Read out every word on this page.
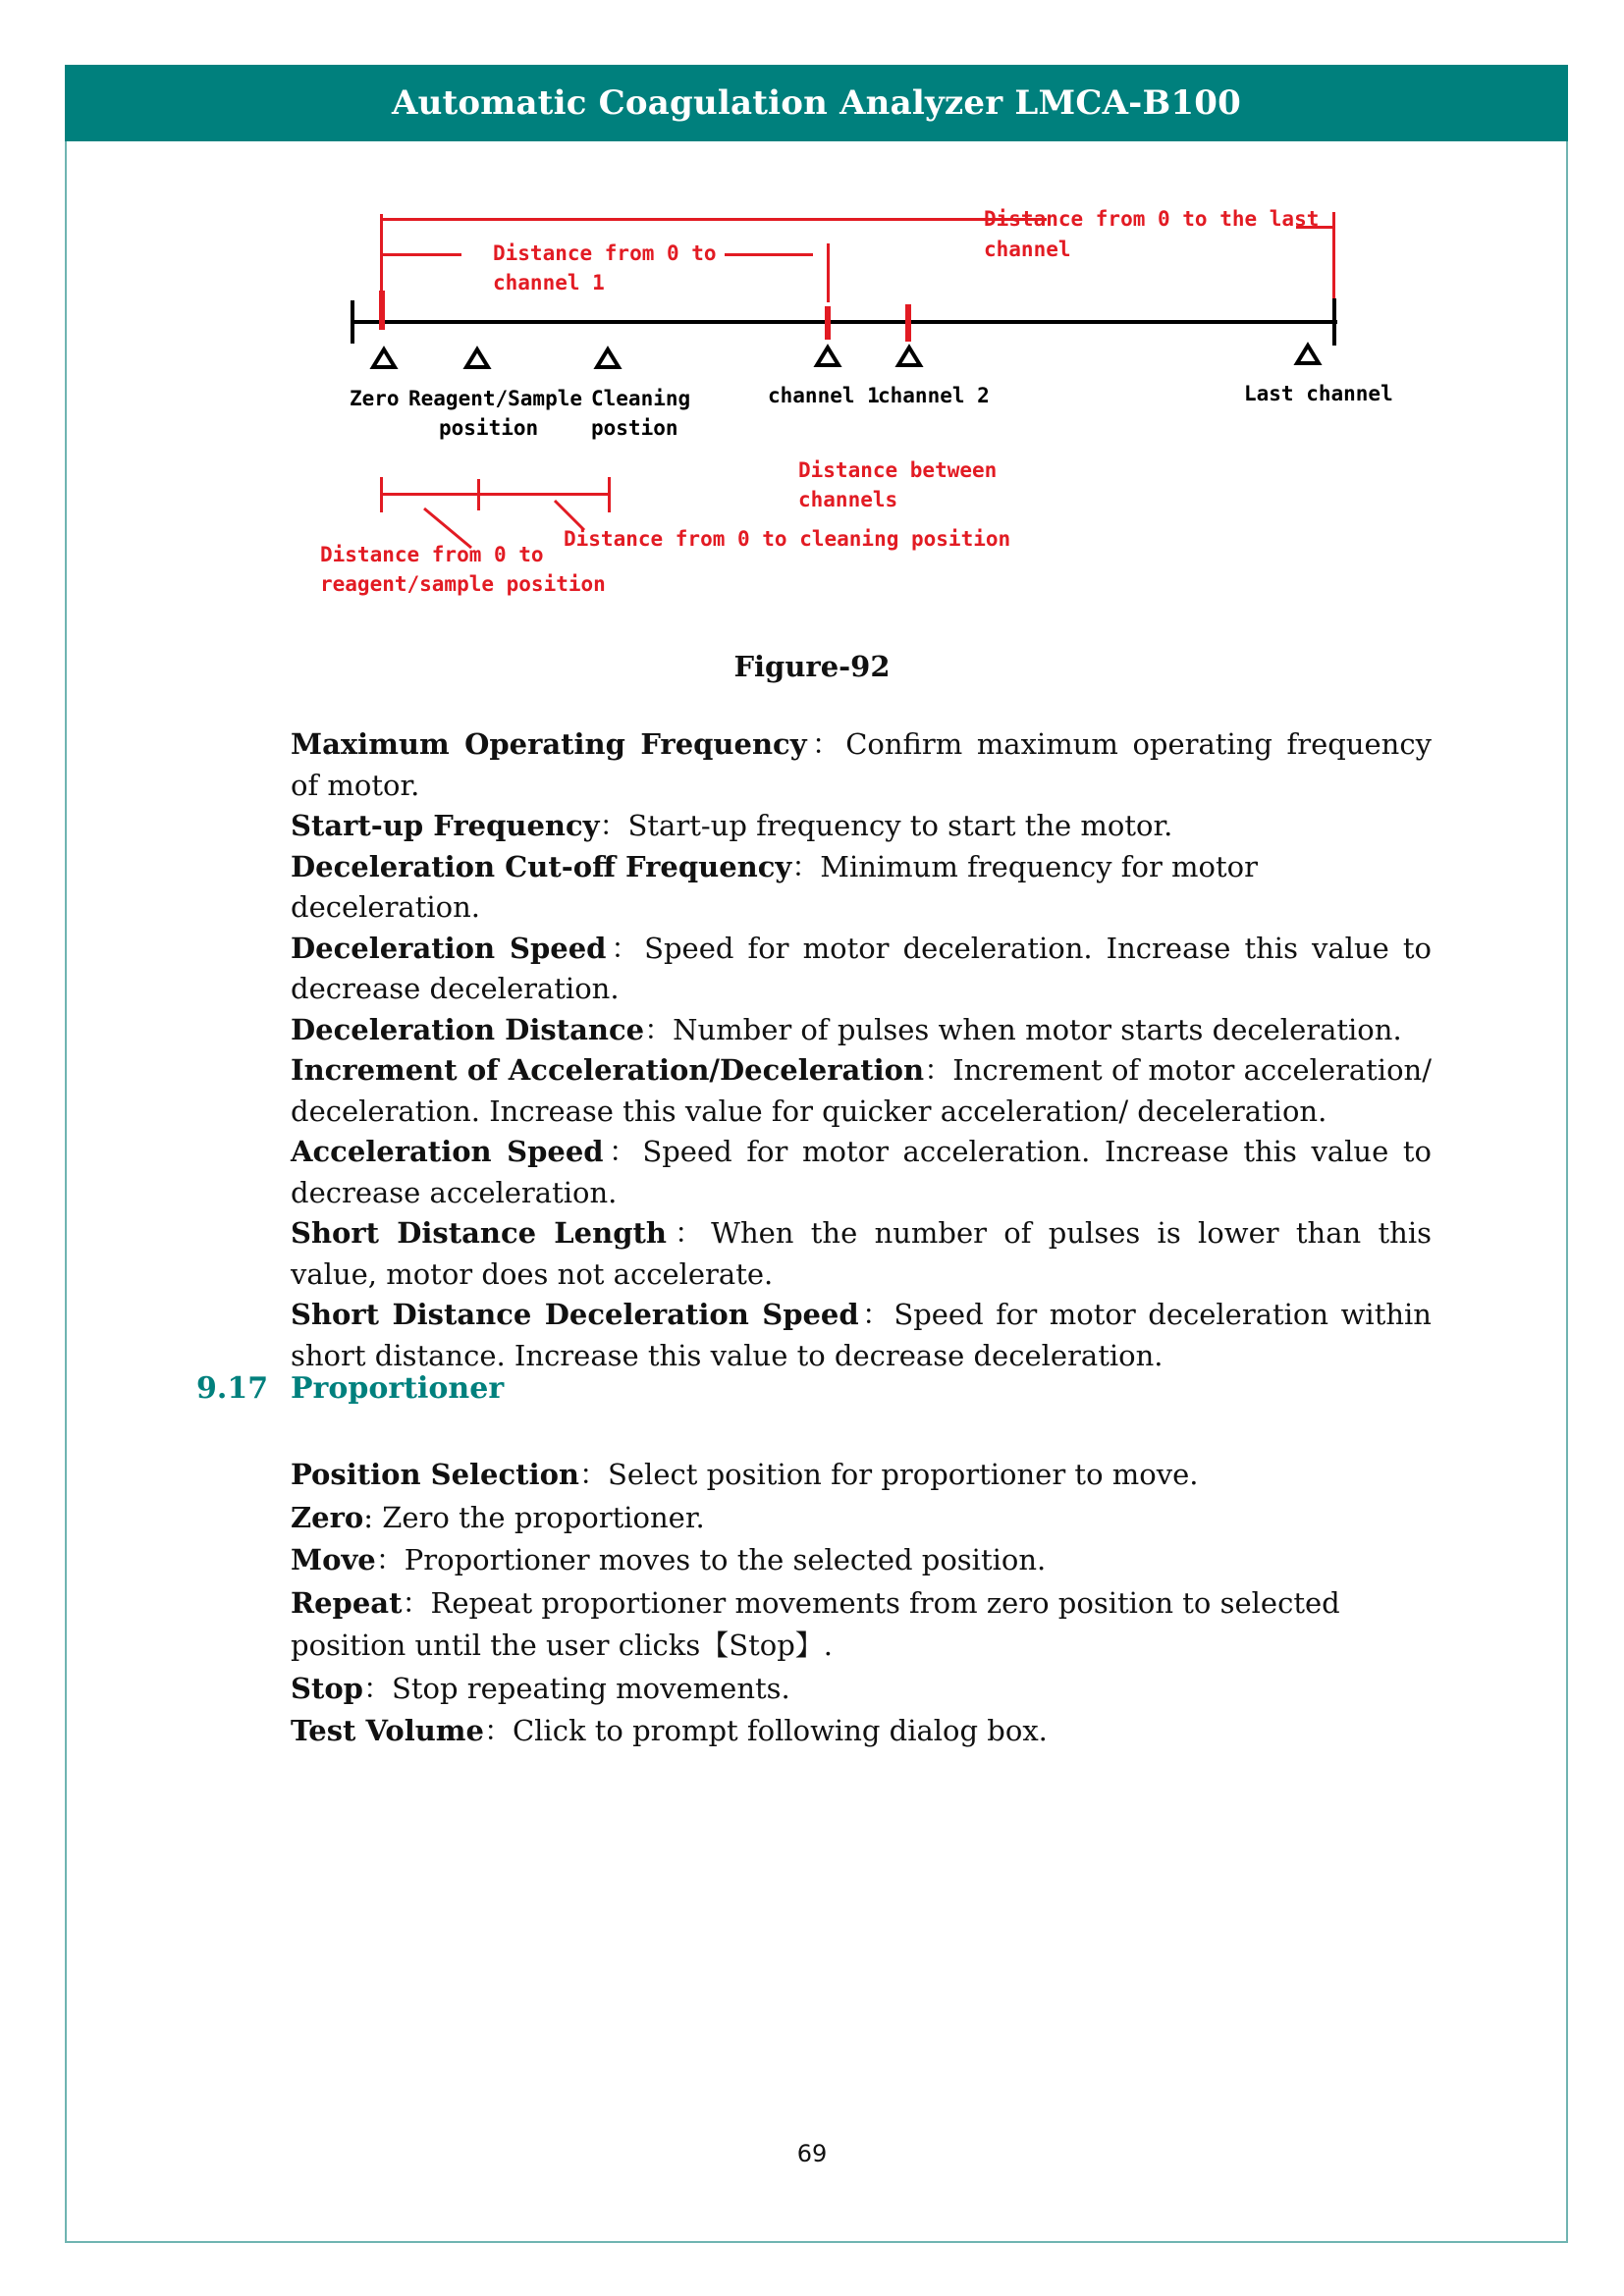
Automatic Coagulation Analyzer LMCA-B100
Zero Reagent/Sample
position
Cleaning
postion
channel 1
channel 2	Last channel
Distance from 0 to the last
channel
Distance from 0 to
channel 1
Distance between
channels
Distance from 0 to cleaning position
Distance from 0 to
reagent/sample position
Figure-92

Maximum Operating Frequency：Confirm maximum operating frequency of motor.

Start-up Frequency：Start-up frequency to start the motor.

Deceleration Cut-off Frequency：Minimum frequency for motor deceleration.

Deceleration Speed：Speed for motor deceleration. Increase this value to decrease deceleration.

Deceleration Distance：Number of pulses when motor starts deceleration.

Increment of Acceleration/Deceleration：Increment of motor acceleration/ deceleration. Increase this value for quicker acceleration/ deceleration.

Acceleration Speed：Speed for motor acceleration. Increase this value to decrease acceleration.

Short Distance Length：When the number of pulses is lower than this value, motor does not accelerate.

Short Distance Deceleration Speed：Speed for motor deceleration within short distance. Increase this value to decrease deceleration.

9.17 Proportioner

Position Selection：Select position for proportioner to move.

Zero: Zero the proportioner.

Move：Proportioner moves to the selected position.

Repeat：Repeat proportioner movements from zero position to selected position until the user clicks【Stop】.

Stop：Stop repeating movements.

Test Volume：Click to prompt following dialog box.

69
